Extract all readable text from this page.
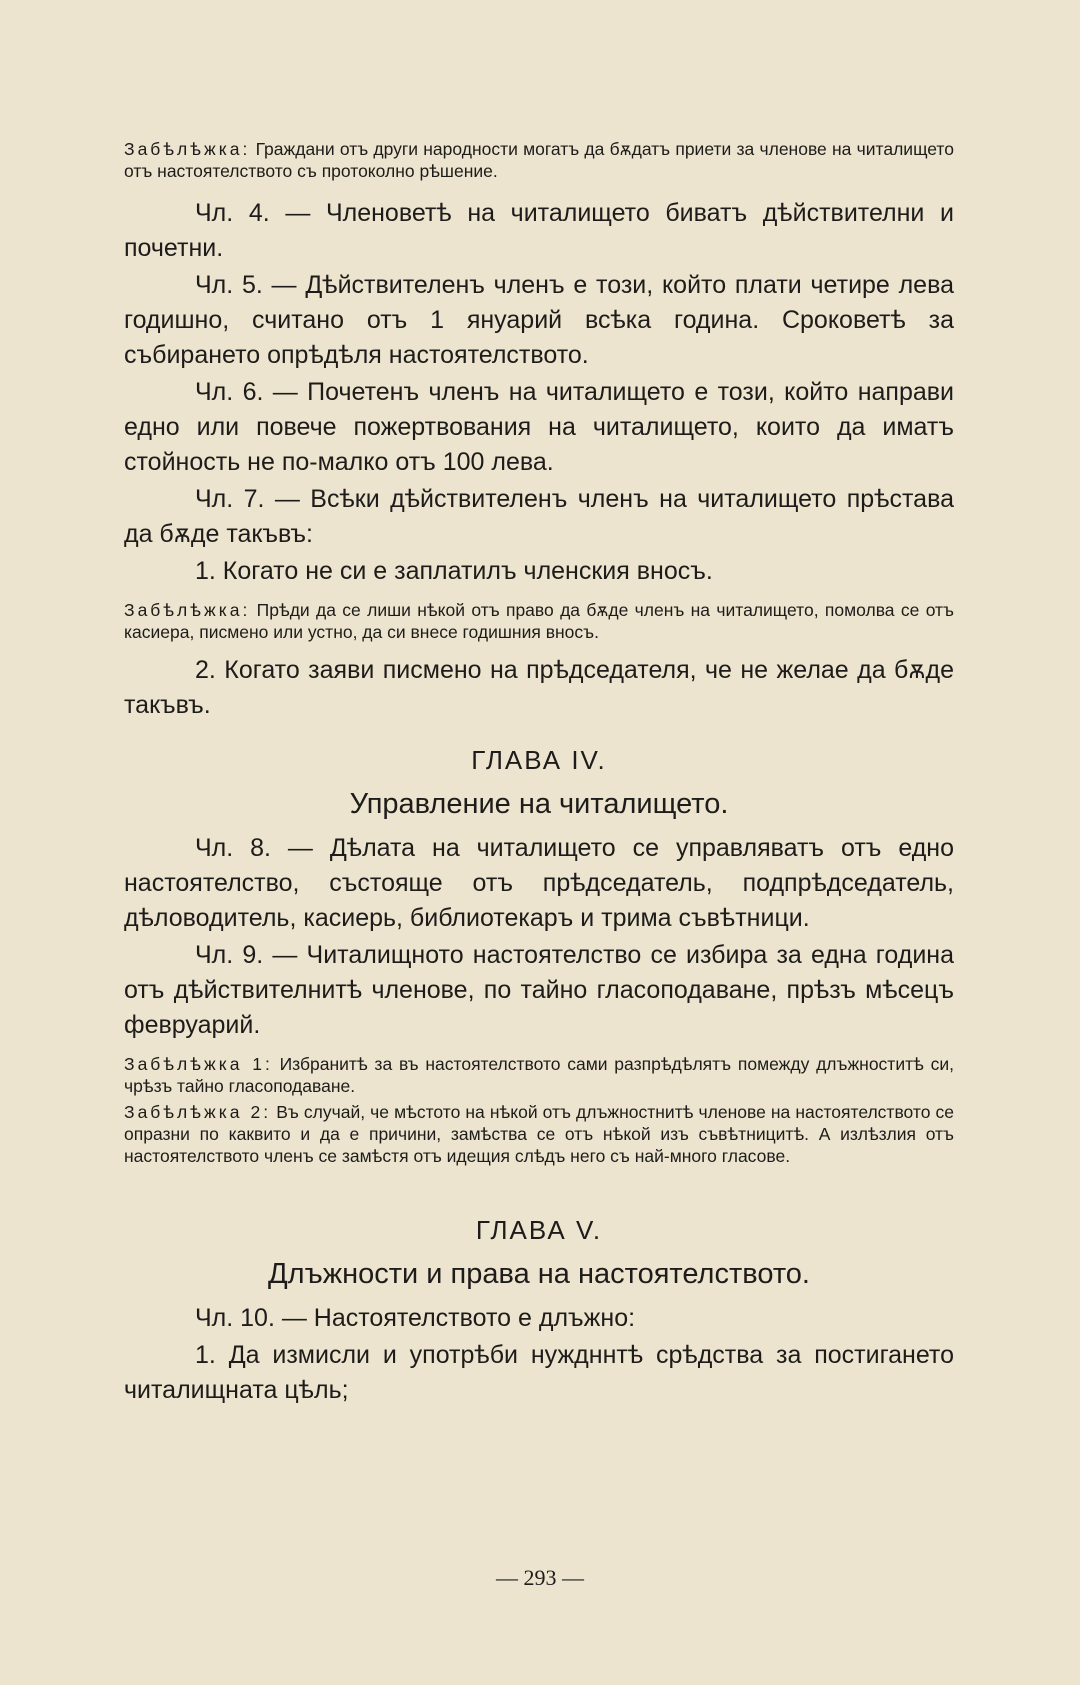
Забѣлѣжка: Граждани отъ други народности могатъ да бѫдатъ приети за членове на читалището отъ настоятелството съ протоколно рѣшение.

Чл. 4. — Членоветѣ на читалището биватъ дѣйствителни и почетни.

Чл. 5. — Дѣйствителенъ членъ е този, който плати четире лева годишно, считано отъ 1 януарий всѣка година. Сроковетѣ за събирането опрѣдѣля настоятелството.

Чл. 6. — Почетенъ членъ на читалището е този, който направи едно или повече пожертвования на читалището, които да иматъ стойность не по-малко отъ 100 лева.

Чл. 7. — Всѣки дѣйствителенъ членъ на читалището прѣстава да бѫде такъвъ:

1. Когато не си е заплатилъ членския вносъ.

Забѣлѣжка: Прѣди да се лиши нѣкой отъ право да бѫде членъ на читалището, помолва се отъ касиера, писмено или устно, да си внесе годишния вносъ.

2. Когато заяви писмено на прѣдседателя, че не желае да бѫде такъвъ.

ГЛАВА IV.

Управление на читалището.

Чл. 8. — Дѣлата на читалището се управляватъ отъ едно настоятелство, състояще отъ прѣдседатель, подпрѣдседатель, дѣловодитель, касиерь, библиотекаръ и трима съвѣтници.

Чл. 9. — Читалищното настоятелство се избира за една година отъ дѣйствителнитѣ членове, по тайно гласоподаване, прѣзъ мѣсецъ февруарий.

Забѣлѣжка 1: Избранитѣ за въ настоятелството сами разпрѣдѣлятъ помежду длъжноститѣ си, чрѣзъ тайно гласоподаване.

Забѣлѣжка 2: Въ случай, че мѣстото на нѣкой отъ длъжностнитѣ членове на настоятелството се опразни по каквито и да е причини, замѣства се отъ нѣкой изъ съвѣтницитѣ. А излѣзлия отъ настоятелството членъ се замѣстя отъ идещия слѣдъ него съ най-много гласове.

ГЛАВА V.

Длъжности и права на настоятелството.

Чл. 10. — Настоятелството е длъжно:

1. Да измисли и употрѣби нуждннтѣ срѣдства за постигането читалищната цѣль;

— 293 —
